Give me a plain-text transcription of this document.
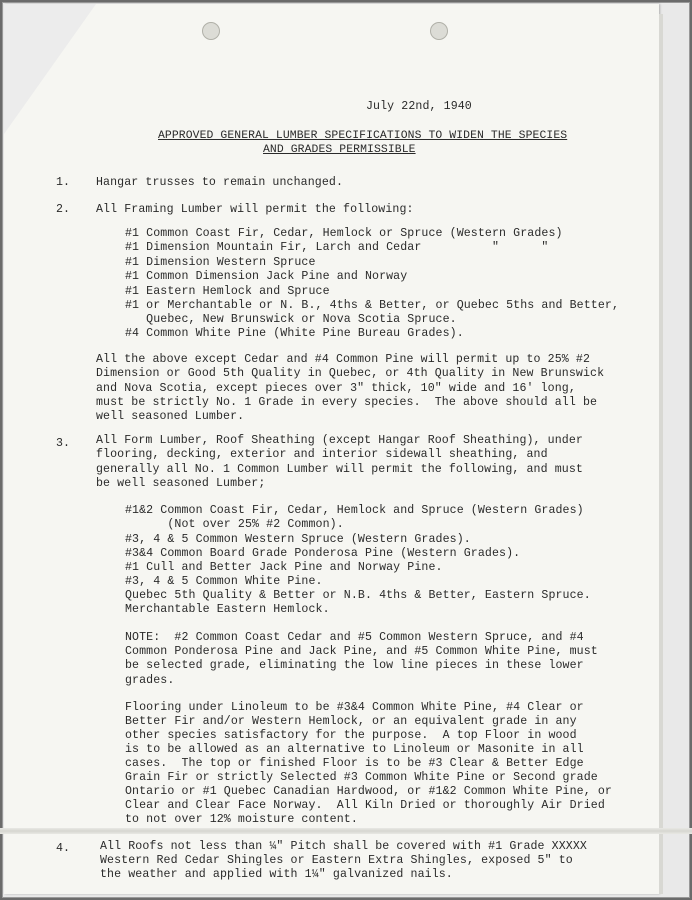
July 22nd, 1940
APPROVED GENERAL LUMBER SPECIFICATIONS TO WIDEN THE SPECIES
AND GRADES PERMISSIBLE
1. Hangar trusses to remain unchanged.
2. All Framing Lumber will permit the following:
#1 Common Coast Fir, Cedar, Hemlock or Spruce (Western Grades)
#1 Dimension Mountain Fir, Larch and Cedar          "      "
#1 Dimension Western Spruce
#1 Common Dimension Jack Pine and Norway
#1 Eastern Hemlock and Spruce
#1 or Merchantable or N. B., 4ths & Better, or Quebec 5ths and Better,
Quebec, New Brunswick or Nova Scotia Spruce.
#4 Common White Pine (White Pine Bureau Grades).
All the above except Cedar and #4 Common Pine will permit up to 25% #2
Dimension or Good 5th Quality in Quebec, or 4th Quality in New Brunswick
and Nova Scotia, except pieces over 3" thick, 10" wide and 16' long,
must be strictly No. 1 Grade in every species.  The above should all be
well seasoned Lumber.
3. All Form Lumber, Roof Sheathing (except Hangar Roof Sheathing), under
flooring, decking, exterior and interior sidewall sheathing, and
generally all No. 1 Common Lumber will permit the following, and must
be well seasoned Lumber;
#1&2 Common Coast Fir, Cedar, Hemlock and Spruce (Western Grades)
(Not over 25% #2 Common).
#3, 4 & 5 Common Western Spruce (Western Grades).
#3&4 Common Board Grade Ponderosa Pine (Western Grades).
#1 Cull and Better Jack Pine and Norway Pine.
#3, 4 & 5 Common White Pine.
Quebec 5th Quality & Better or N.B. 4ths & Better, Eastern Spruce.
Merchantable Eastern Hemlock.
NOTE:  #2 Common Coast Cedar and #5 Common Western Spruce, and #4
Common Ponderosa Pine and Jack Pine, and #5 Common White Pine, must
be selected grade, eliminating the low line pieces in these lower
grades.
Flooring under Linoleum to be #3&4 Common White Pine, #4 Clear or
Better Fir and/or Western Hemlock, or an equivalent grade in any
other species satisfactory for the purpose.  A top Floor in wood
is to be allowed as an alternative to Linoleum or Masonite in all
cases.  The top or finished Floor is to be #3 Clear & Better Edge
Grain Fir or strictly Selected #3 Common White Pine or Second grade
Ontario or #1 Quebec Canadian Hardwood, or #1&2 Common White Pine, or
Clear and Clear Face Norway.  All Kiln Dried or thoroughly Air Dried
to not over 12% moisture content.
4.	All Roofs not less than ¼" Pitch shall be covered with #1 Grade XXXXX
Western Red Cedar Shingles or Eastern Extra Shingles, exposed 5" to
the weather and applied with 1¼" galvanized nails.
